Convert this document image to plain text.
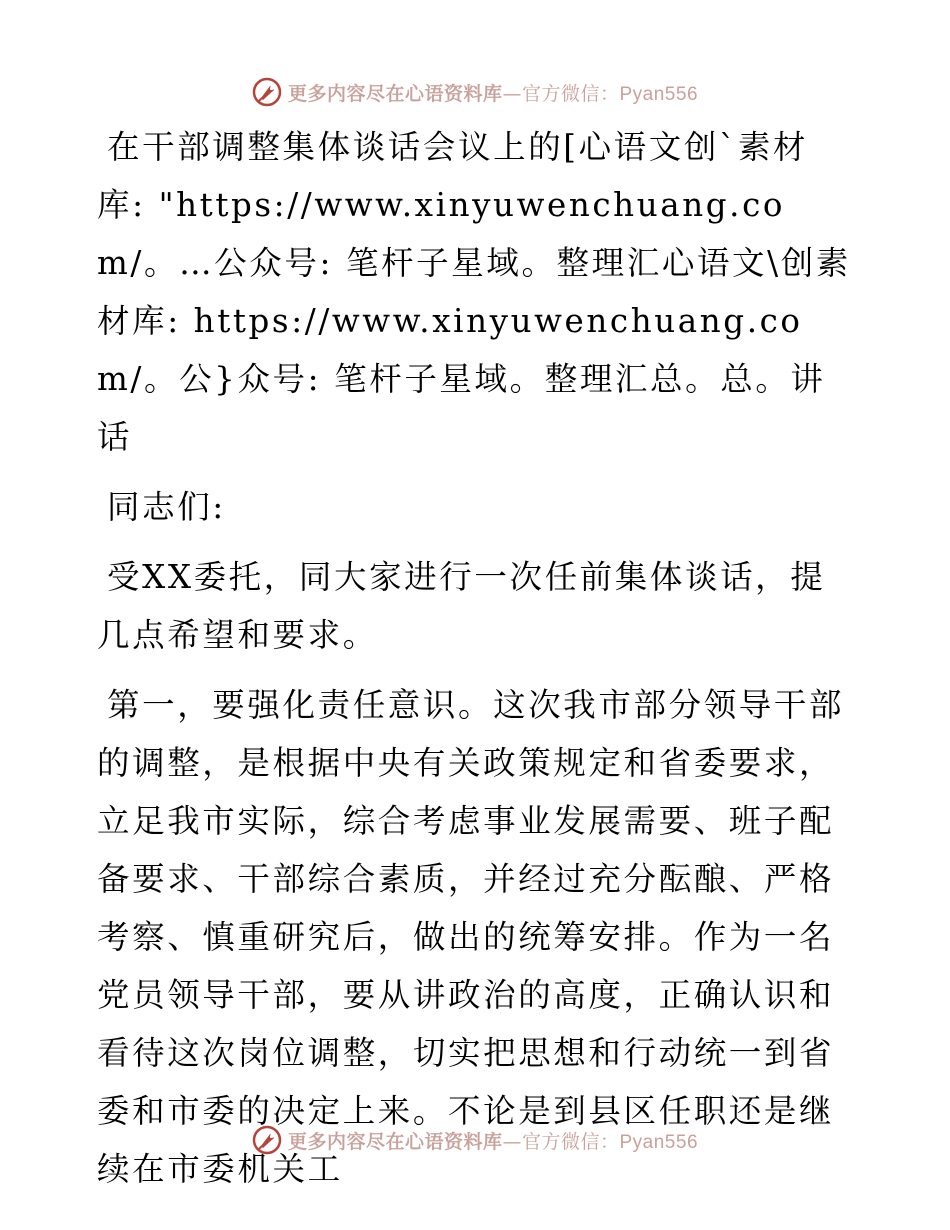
更多内容尽在心语资料库—官方微信：Pyan556

在干部调整集体谈话会议上的[心语文创`素材库: "https://www.xinyuwenchuang.com/。…公众号: 笔杆子星域。整理汇心语文\创素材库: https://www.xinyuwenchuang.com/。公}众号: 笔杆子星域。整理汇总。总。讲话

同志们:

受XX委托，同大家进行一次任前集体谈话，提几点希望和要求。

第一，要强化责任意识。这次我市部分领导干部的调整，是根据中央有关政策规定和省委要求，立足我市实际，综合考虑事业发展需要、班子配备要求、干部综合素质，并经过充分酝酿、严格考察、慎重研究后，做出的统筹安排。作为一名党员领导干部，要从讲政治的高度，正确认识和看待这次岗位调整，切实把思想和行动统一到省委和市委的决定上来。不论是到县区任职还是继续在市委机关工

更多内容尽在心语资料库—官方微信：Pyan556
